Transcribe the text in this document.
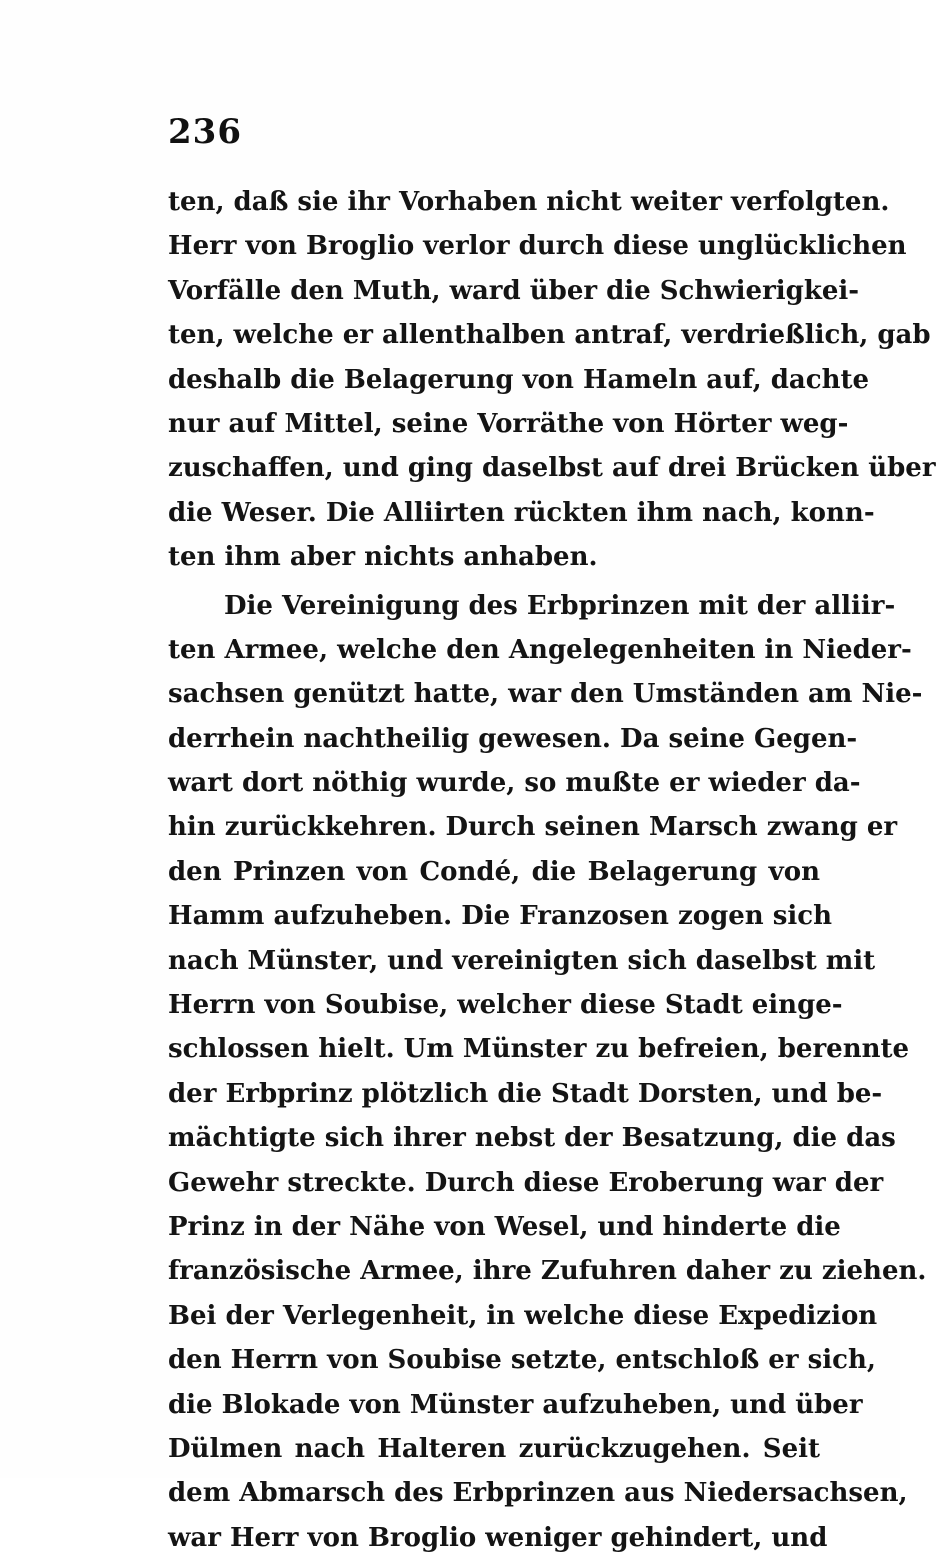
236
ten, daß sie ihr Vorhaben nicht weiter verfolgten.
Herr von Broglio verlor durch diese unglücklichen
Vorfälle den Muth, ward über die Schwierigkei-
ten, welche er allenthalben antraf, verdrießlich, gab
deshalb die Belagerung von Hameln auf, dachte
nur auf Mittel, seine Vorräthe von Hörter weg-
zuschaffen, und ging daselbst auf drei Brücken über
die Weser. Die Alliirten rückten ihm nach, konn-
ten ihm aber nichts anhaben.
Die Vereinigung des Erbprinzen mit der alliir-
ten Armee, welche den Angelegenheiten in Nieder-
sachsen genützt hatte, war den Umständen am Nie-
derrhein nachtheilig gewesen. Da seine Gegen-
wart dort nöthig wurde, so mußte er wieder da-
hin zurückkehren. Durch seinen Marsch zwang er
den Prinzen von Condé, die Belagerung von
Hamm aufzuheben. Die Franzosen zogen sich
nach Münster, und vereinigten sich daselbst mit
Herrn von Soubise, welcher diese Stadt einge-
schlossen hielt. Um Münster zu befreien, berennte
der Erbprinz plötzlich die Stadt Dorsten, und be-
mächtigte sich ihrer nebst der Besatzung, die das
Gewehr streckte. Durch diese Eroberung war der
Prinz in der Nähe von Wesel, und hinderte die
französische Armee, ihre Zufuhren daher zu ziehen.
Bei der Verlegenheit, in welche diese Expedizion
den Herrn von Soubise setzte, entschloß er sich,
die Blokade von Münster aufzuheben, und über
Dülmen nach Halteren zurückzugehen. Seit
dem Abmarsch des Erbprinzen aus Niedersachsen,
war Herr von Broglio weniger gehindert, und
